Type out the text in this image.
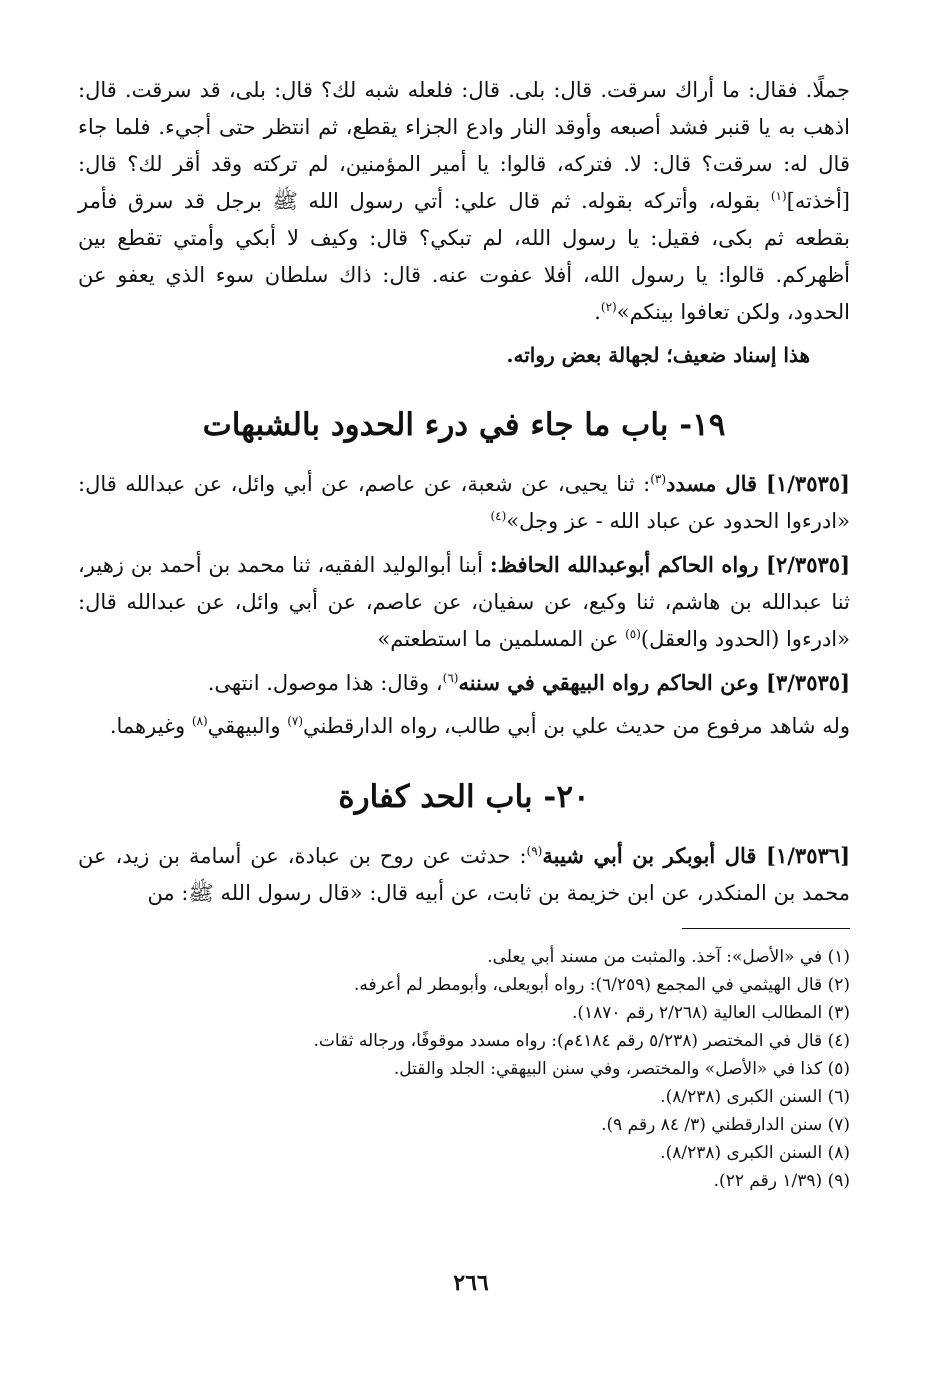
جملًا. فقال: ما أراك سرقت. قال: بلى. قال: فلعله شبه لك؟ قال: بلى، قد سرقت. قال: اذهب به يا قنبر فشد أصبعه وأوقد النار وادع الجزاء يقطع، ثم انتظر حتى أجيء. فلما جاء قال له: سرقت؟ قال: لا. فتركه، قالوا: يا أمير المؤمنين، لم تركته وقد أقر لك؟ قال: [أخذته]$^{(١)}$ بقوله، وأتركه بقوله. ثم قال علي: أتي رسول الله ﷺ برجل قد سرق فأمر بقطعه ثم بكى، فقيل: يا رسول الله، لم تبكي؟ قال: وكيف لا أبكي وأمتي تقطع بين أظهركم. قالوا: يا رسول الله، أفلا عفوت عنه. قال: ذاك سلطان سوء الذي يعفو عن الحدود، ولكن تعافوا بينكم»$^{(٢)}$.

هذا إسناد ضعيف؛ لجهالة بعض رواته.

١٩- باب ما جاء في درء الحدود بالشبهات

[١/٣٥٣٥] قال مسدد$^{(٣)}$: ثنا يحيى، عن شعبة، عن عاصم، عن أبي وائل، عن عبدالله قال: «ادرءوا الحدود عن عباد الله - عز وجل»$^{(٤)}$

[٢/٣٥٣٥] رواه الحاكم أبوعبدالله الحافظ: أبنا أبوالوليد الفقيه، ثنا محمد بن أحمد بن زهير، ثنا عبدالله بن هاشم، ثنا وكيع، عن سفيان، عن عاصم، عن أبي وائل، عن عبدالله قال: «ادرءوا (الحدود والعقل)$^{(٥)}$ عن المسلمين ما استطعتم»

[٣/٣٥٣٥] وعن الحاكم رواه البيهقي في سننه$^{(٦)}$، وقال: هذا موصول. انتهى.

وله شاهد مرفوع من حديث علي بن أبي طالب، رواه الدارقطني$^{(٧)}$ والبيهقي$^{(٨)}$ وغيرهما.

٢٠- باب الحد كفارة

[١/٣٥٣٦] قال أبوبكر بن أبي شيبة$^{(٩)}$: حدثت عن روح بن عبادة، عن أسامة بن زيد، عن محمد بن المنكدر، عن ابن خزيمة بن ثابت، عن أبيه قال: «قال رسول الله ﷺ: من

(١) في «الأصل»: آخذ. والمثبت من مسند أبي يعلى.
(٢) قال الهيثمي في المجمع (٦/٢٥٩): رواه أبويعلى، وأبومطر لم أعرفه.
(٣) المطالب العالية (٢/٢٦٨ رقم ١٨٧٠).
(٤) قال في المختصر (٥/٢٣٨ رقم ٤١٨٤م): رواه مسدد موقوفًا، ورجاله ثقات.
(٥) كذا في «الأصل» والمختصر، وفي سنن البيهقي: الجلد والقتل.
(٦) السنن الكبرى (٨/٢٣٨).
(٧) سنن الدارقطني (٣/ ٨٤ رقم ٩).
(٨) السنن الكبرى (٨/٢٣٨).
(٩) (١/٣٩ رقم ٢٢).
٢٦٦
